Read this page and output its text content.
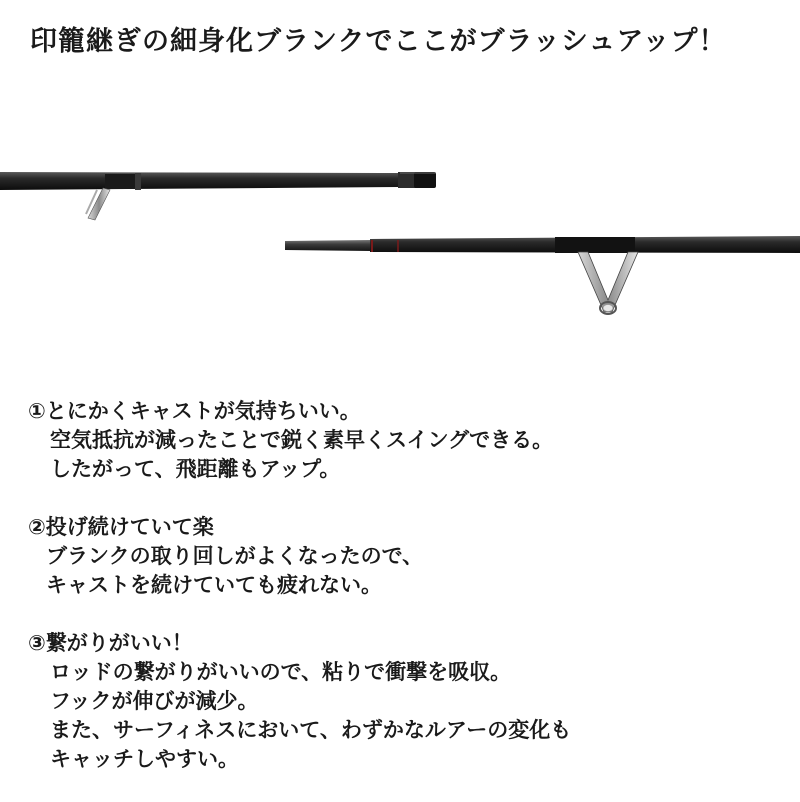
印籠継ぎの細身化ブランクでここがブラッシュアップ！
①とにかくキャストが気持ちいい。
空気抵抗が減ったことで鋭く素早くスイングできる。
したがって、飛距離もアップ。
②投げ続けていて楽
ブランクの取り回しがよくなったので、
キャストを続けていても疲れない。
③繋がりがいい！
ロッドの繋がりがいいので、粘りで衝撃を吸収。
フックが伸びが減少。
また、サーフィネスにおいて、わずかなルアーの変化も
キャッチしやすい。
